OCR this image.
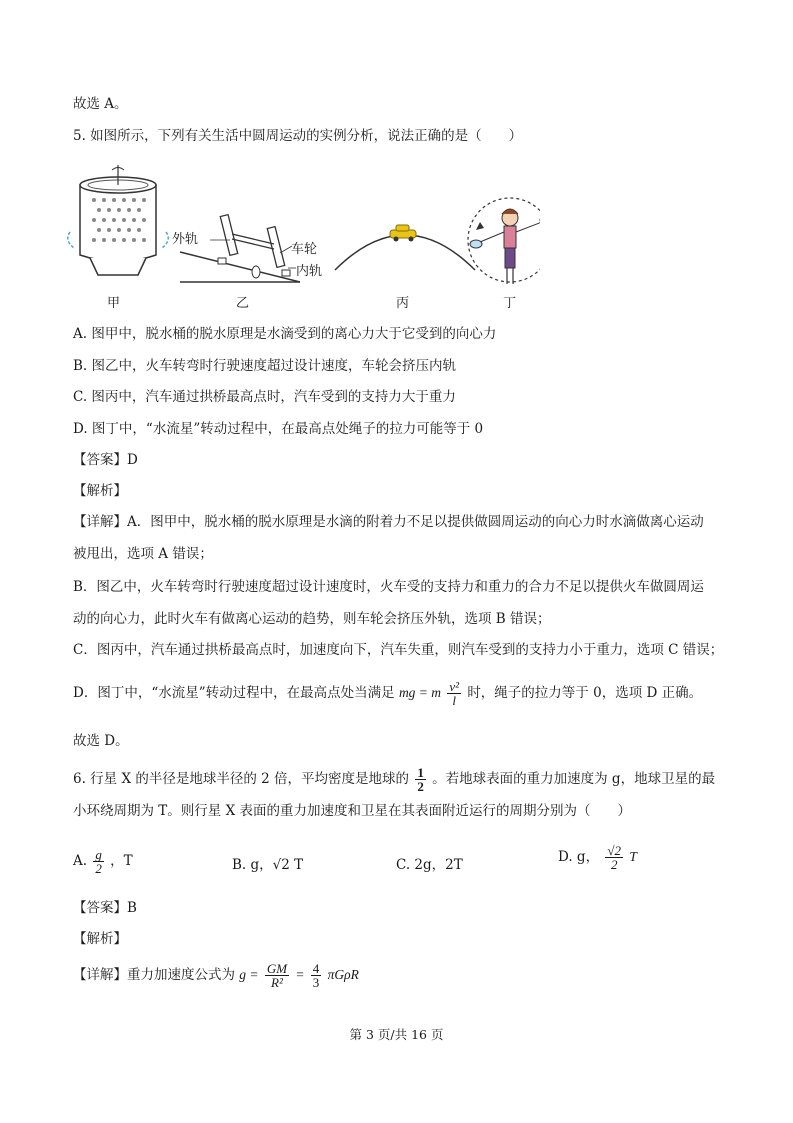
故选 A。
5. 如图所示，下列有关生活中圆周运动的实例分析，说法正确的是（　　）
甲	乙	丙	丁
外轨
车轮
内轨
A. 图甲中，脱水桶的脱水原理是水滴受到的离心力大于它受到的向心力
B. 图乙中，火车转弯时行驶速度超过设计速度，车轮会挤压内轨
C. 图丙中，汽车通过拱桥最高点时，汽车受到的支持力大于重力
D. 图丁中，“水流星”转动过程中，在最高点处绳子的拉力可能等于 0
【答案】D
【解析】
【详解】A．图甲中，脱水桶的脱水原理是水滴的附着力不足以提供做圆周运动的向心力时水滴做离心运动
被甩出，选项 A 错误；
B．图乙中，火车转弯时行驶速度超过设计速度时，火车受的支持力和重力的合力不足以提供火车做圆周运
动的向心力，此时火车有做离心运动的趋势，则车轮会挤压外轨，选项 B 错误；
C．图丙中，汽车通过拱桥最高点时，加速度向下，汽车失重，则汽车受到的支持力小于重力，选项 C 错误；
D．图丁中，“水流星”转动过程中，在最高点处当满足 mg = m $\frac{\text{v²}}{l}$ 时，绳子的拉力等于 0，选项 D 正确。
故选 D。
6. 行星 X 的半径是地球半径的 2 倍，平均密度是地球的 $\frac{1}{2}$ 。若地球表面的重力加速度为 g，地球卫星的最
小环绕周期为 T。则行星 X 表面的重力加速度和卫星在其表面附近运行的周期分别为（　　）
A. $\frac{g}{2}$ ，T	B. g，√2 T	C. 2g，2T	D. g， $\frac{√2}{2}$ T
【答案】B
【解析】
【详解】重力加速度公式为 $g = \frac{GM}{\text{R²}} = \frac{4}{3}$ πGρR
第 3 页/共 16 页
